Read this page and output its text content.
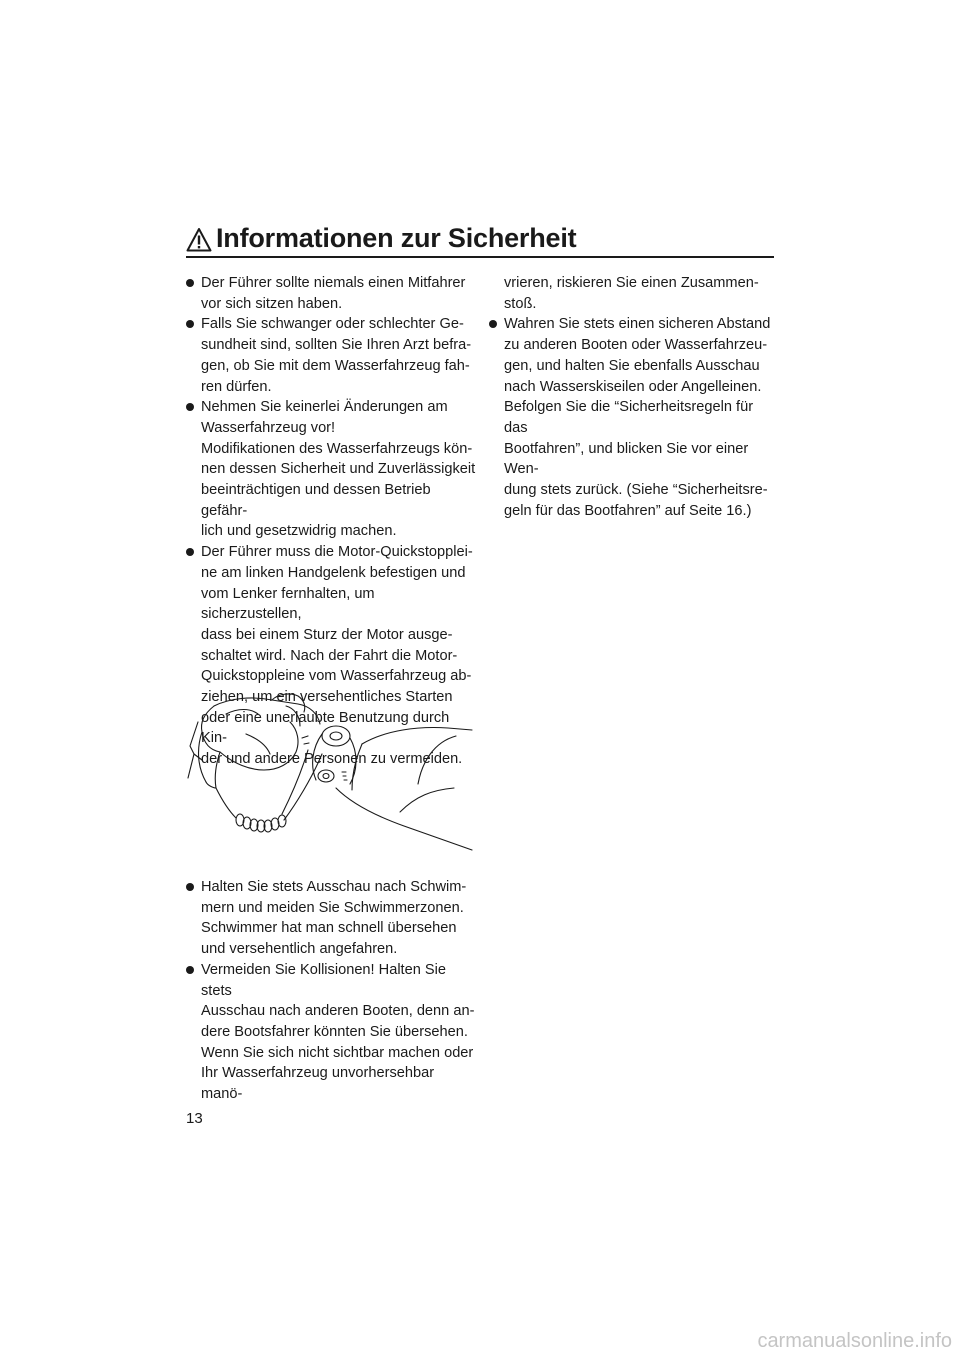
Informationen zur Sicherheit

Der Führer sollte niemals einen Mitfahrer

vor sich sitzen haben.

Falls Sie schwanger oder schlechter Ge-

sundheit sind, sollten Sie Ihren Arzt befra-

gen, ob Sie mit dem Wasserfahrzeug fah-

ren dürfen.

Nehmen Sie keinerlei Änderungen am

Wasserfahrzeug vor!

Modifikationen des Wasserfahrzeugs kön-

nen dessen Sicherheit und Zuverlässigkeit

beeinträchtigen und dessen Betrieb gefähr-

lich und gesetzwidrig machen.

Der Führer muss die Motor-Quickstopplei-

ne am linken Handgelenk befestigen und

vom Lenker fernhalten, um sicherzustellen,

dass bei einem Sturz der Motor ausge-

schaltet wird. Nach der Fahrt die Motor-

Quickstoppleine vom Wasserfahrzeug ab-

ziehen, um ein versehentliches Starten

oder eine unerlaubte Benutzung durch Kin-

der und andere Personen zu vermeiden.

Halten Sie stets Ausschau nach Schwim-

mern und meiden Sie Schwimmerzonen.

Schwimmer hat man schnell übersehen

und versehentlich angefahren.

Vermeiden Sie Kollisionen! Halten Sie stets

Ausschau nach anderen Booten, denn an-

dere Bootsfahrer könnten Sie übersehen.

Wenn Sie sich nicht sichtbar machen oder

Ihr Wasserfahrzeug unvorhersehbar manö-

vrieren, riskieren Sie einen Zusammen-

stoß.

Wahren Sie stets einen sicheren Abstand

zu anderen Booten oder Wasserfahrzeu-

gen, und halten Sie ebenfalls Ausschau

nach Wasserskiseilen oder Angelleinen.

Befolgen Sie die “Sicherheitsregeln für das

Bootfahren”, und blicken Sie vor einer Wen-

dung stets zurück. (Siehe “Sicherheitsre-

geln für das Bootfahren” auf Seite 16.)

13
carmanualsonline.info
